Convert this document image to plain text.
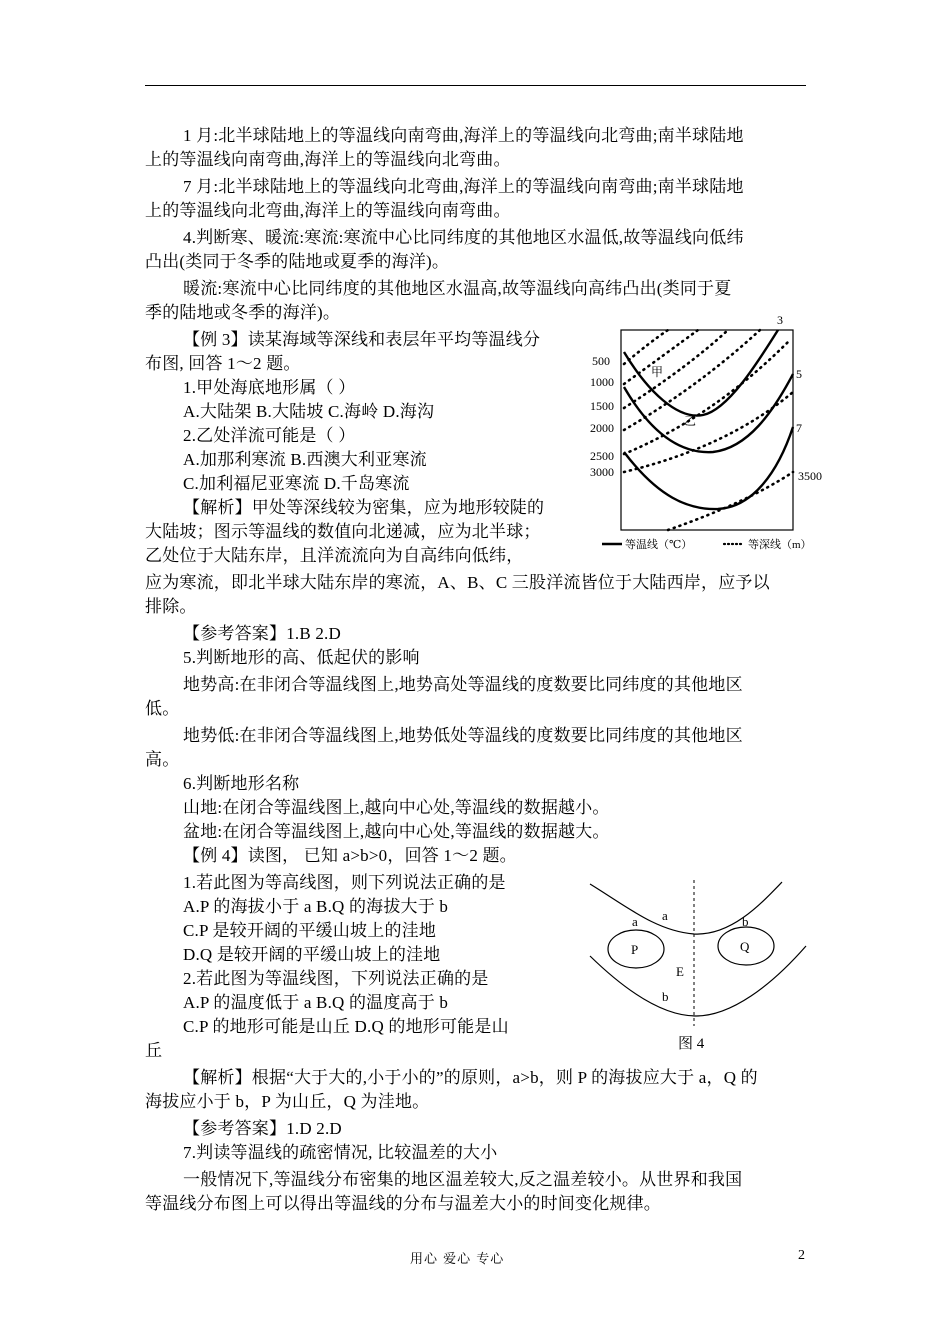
1 月:北半球陆地上的等温线向南弯曲,海洋上的等温线向北弯曲;南半球陆地
上的等温线向南弯曲,海洋上的等温线向北弯曲。
7 月:北半球陆地上的等温线向北弯曲,海洋上的等温线向南弯曲;南半球陆地
上的等温线向北弯曲,海洋上的等温线向南弯曲。
4.判断寒、暖流:寒流:寒流中心比同纬度的其他地区水温低,故等温线向低纬
凸出(类同于冬季的陆地或夏季的海洋)。
暖流:寒流中心比同纬度的其他地区水温高,故等温线向高纬凸出(类同于夏
季的陆地或冬季的海洋)。
【例 3】读某海域等深线和表层年平均等温线分
布图, 回答 1～2 题。
1.甲处海底地形属（ ）
A.大陆架 B.大陆坡 C.海岭 D.海沟
2.乙处洋流可能是（ ）
A.加那利寒流 B.西澳大利亚寒流
C.加利福尼亚寒流 D.千岛寒流
【解析】甲处等深线较为密集，应为地形较陡的
大陆坡；图示等温线的数值向北递减，应为北半球；
乙处位于大陆东岸，且洋流流向为自高纬向低纬，
应为寒流，即北半球大陆东岸的寒流，A、B、C 三股洋流皆位于大陆西岸，应予以
排除。
【参考答案】1.B 2.D
5.判断地形的高、低起伏的影响
地势高:在非闭合等温线图上,地势高处等温线的度数要比同纬度的其他地区
低。
地势低:在非闭合等温线图上,地势低处等温线的度数要比同纬度的其他地区
高。
6.判断地形名称
山地:在闭合等温线图上,越向中心处,等温线的数据越小。
盆地:在闭合等温线图上,越向中心处,等温线的数据越大。
【例 4】读图， 已知 a>b>0，回答 1～2 题。
1.若此图为等高线图，则下列说法正确的是
A.P 的海拔小于 a B.Q 的海拔大于 b
C.P 是较开阔的平缓山坡上的洼地
D.Q 是较开阔的平缓山坡上的洼地
2.若此图为等温线图，下列说法正确的是
A.P 的温度低于 a B.Q 的温度高于 b
C.P 的地形可能是山丘 D.Q 的地形可能是山
丘
【解析】根据“大于大的,小于小的”的原则，a>b，则 P 的海拔应大于 a，Q 的
海拔应小于 b，P 为山丘，Q 为洼地。
【参考答案】1.D 2.D
7.判读等温线的疏密情况, 比较温差的大小
一般情况下,等温线分布密集的地区温差较大,反之温差较小。从世界和我国
等温线分布图上可以得出等温线的分布与温差大小的时间变化规律。
500
1000
1500
2000
2500
3000	3500
3
5
7
甲
乙
等温线（℃）	等深线（m）
a a	b
P	Q
E
b
图 4
用心 爱心 专心	2
